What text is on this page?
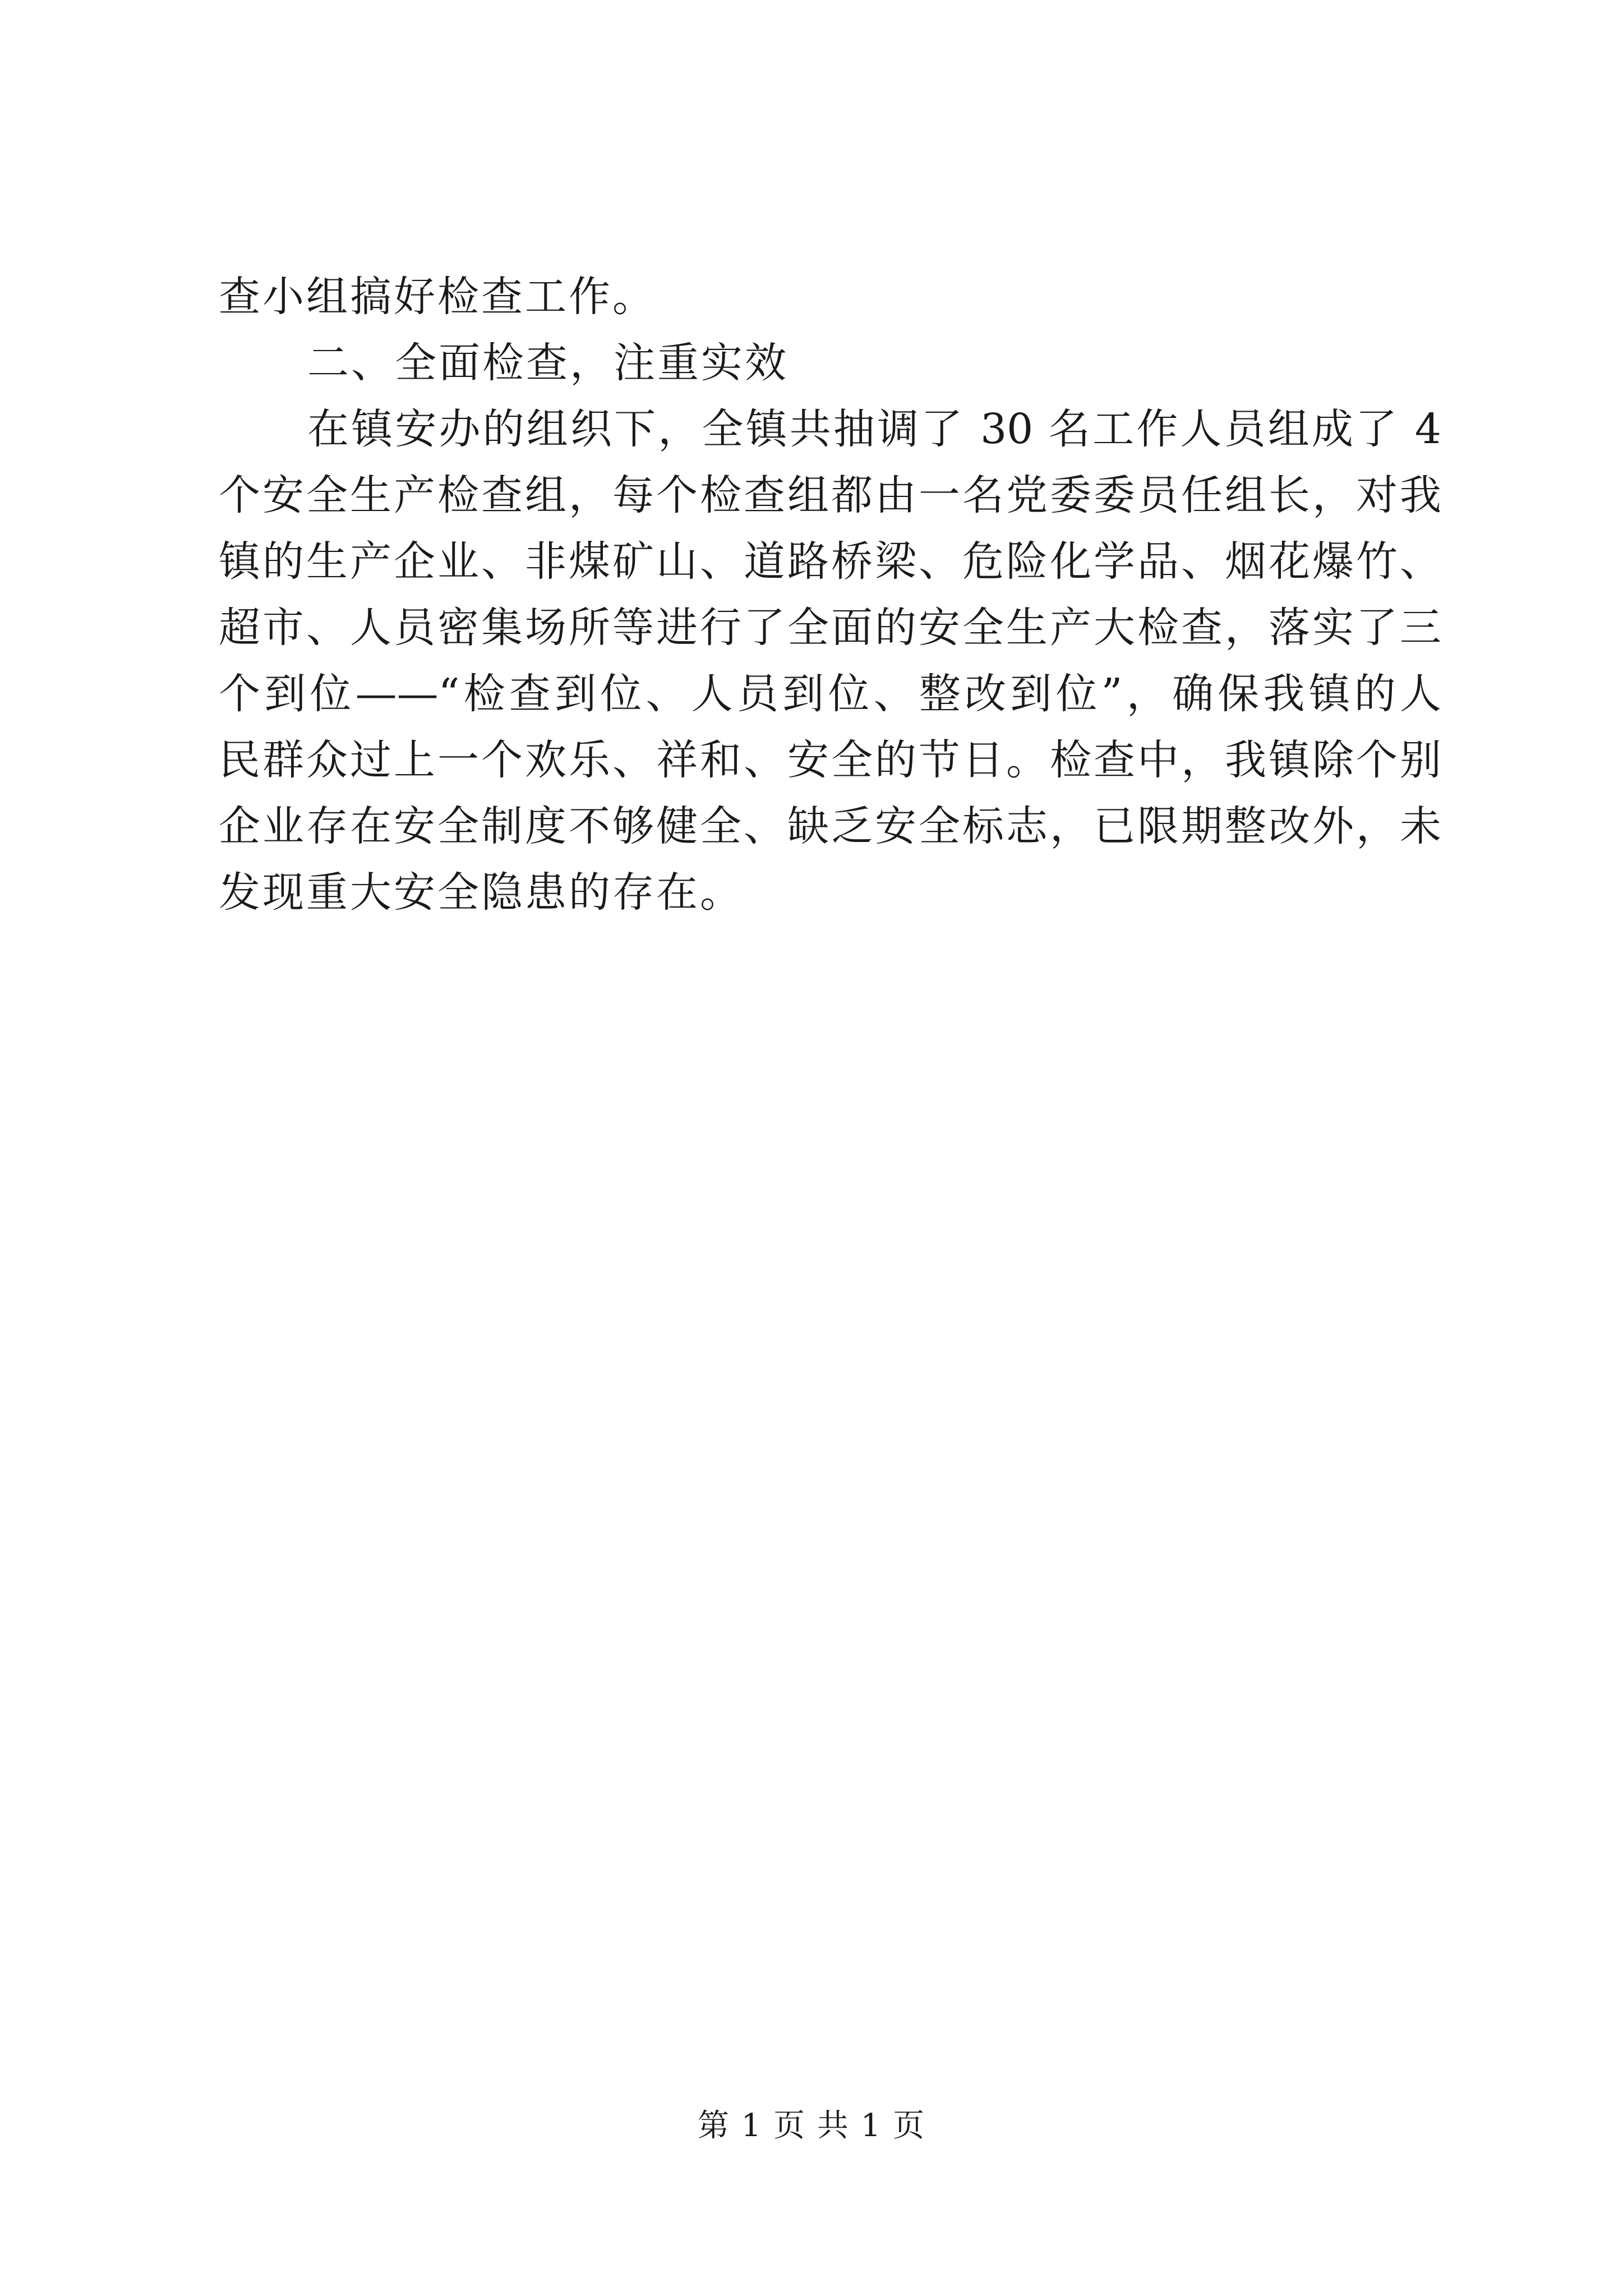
查小组搞好检查工作。
二、全面检查，注重实效
在镇安办的组织下，全镇共抽调了 30 名工作人员组成了 4
个安全生产检查组，每个检查组都由一名党委委员任组长，对我
镇的生产企业、非煤矿山、道路桥梁、危险化学品、烟花爆竹、
超市、人员密集场所等进行了全面的安全生产大检查，落实了三
个到位——“检查到位、人员到位、整改到位”，确保我镇的人
民群众过上一个欢乐、祥和、安全的节日。检查中，我镇除个别
企业存在安全制度不够健全、缺乏安全标志，已限期整改外，未
发现重大安全隐患的存在。
第 1 页 共 1 页
